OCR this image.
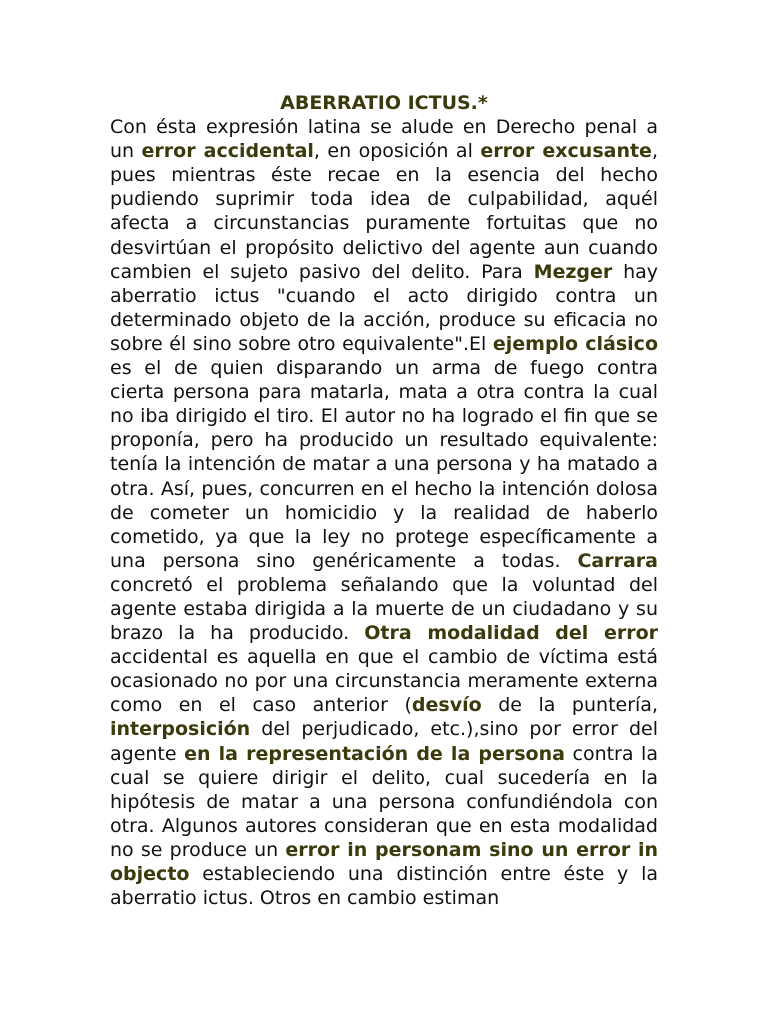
ABERRATIO ICTUS.*

Con ésta expresión latina se alude en Derecho penal a un error accidental, en oposición al error excusante, pues mientras éste recae en la esencia del hecho pudiendo suprimir toda idea de culpabilidad, aquél afecta a circunstancias puramente fortuitas que no desvirtúan el propósito delictivo del agente aun cuando cambien el sujeto pasivo del delito. Para Mezger hay aberratio ictus "cuando el acto dirigido contra un determinado objeto de la acción, produce su eficacia no sobre él sino sobre otro equivalente".El ejemplo clásico es el de quien disparando un arma de fuego contra cierta persona para matarla, mata a otra contra la cual no iba dirigido el tiro. El autor no ha logrado el fin que se proponía, pero ha producido un resultado equivalente: tenía la intención de matar a una persona y ha matado a otra. Así, pues, concurren en el hecho la intención dolosa de cometer un homicidio y la realidad de haberlo cometido, ya que la ley no protege específicamente a una persona sino genéricamente a todas. Carrara concretó el problema señalando que la voluntad del agente estaba dirigida a la muerte de un ciudadano y su brazo la ha producido. Otra modalidad del error accidental es aquella en que el cambio de víctima está ocasionado no por una circunstancia meramente externa como en el caso anterior (desvío de la puntería, interposición del perjudicado, etc.),sino por error del agente en la representación de la persona contra la cual se quiere dirigir el delito, cual sucedería en la hipótesis de matar a una persona confundiéndola con otra. Algunos autores consideran que en esta modalidad no se produce un error in personam sino un error in objecto estableciendo una distinción entre éste y la aberratio ictus. Otros en cambio estiman
